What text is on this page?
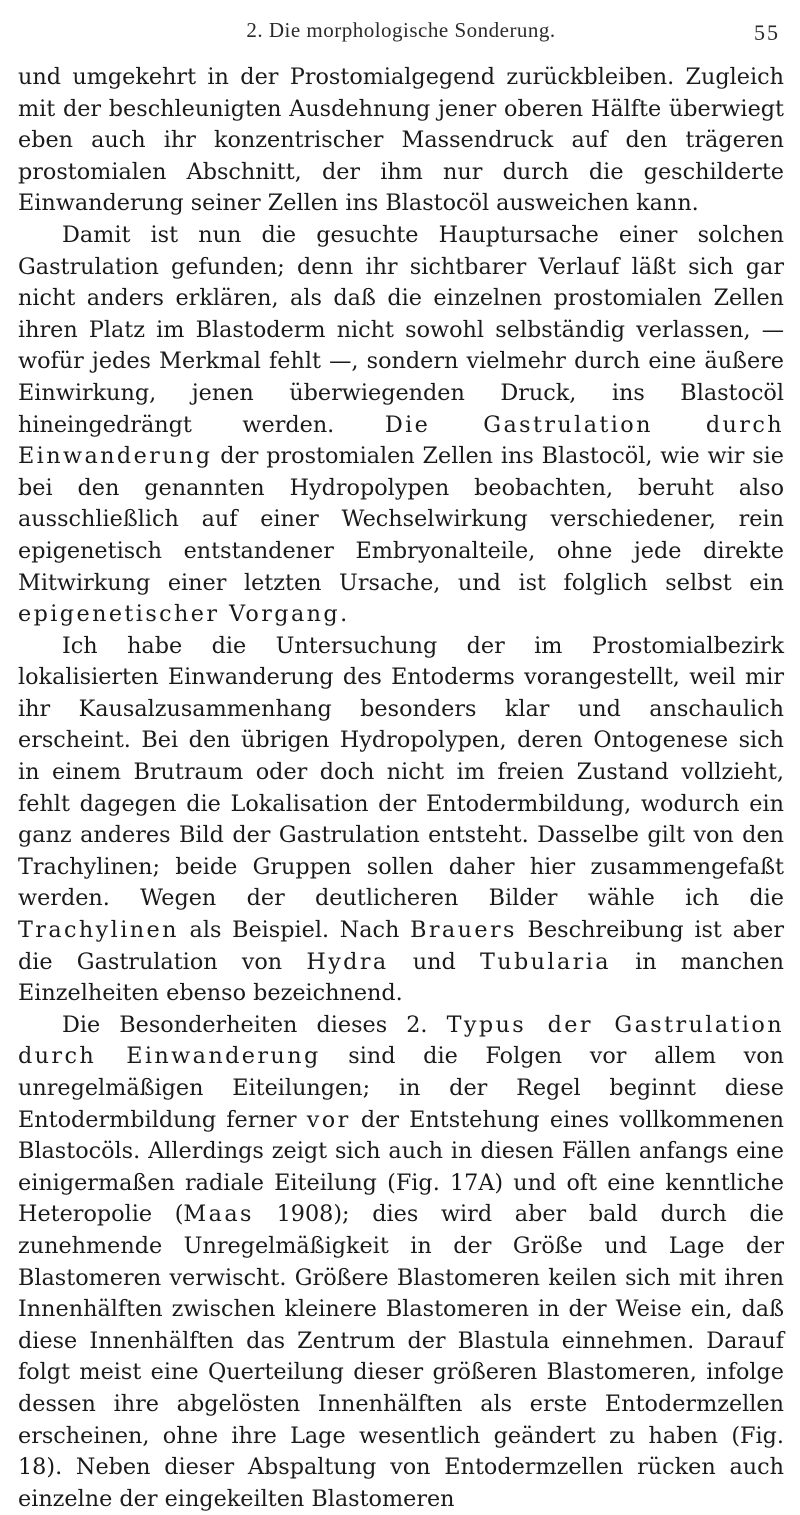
2. Die morphologische Sonderung.	55

und umgekehrt in der Prostomialgegend zurückbleiben. Zugleich mit der beschleunigten Ausdehnung jener oberen Hälfte überwiegt eben auch ihr konzentrischer Massendruck auf den trägeren prostomialen Abschnitt, der ihm nur durch die geschilderte Einwanderung seiner Zellen ins Blastocöl ausweichen kann.

Damit ist nun die gesuchte Hauptursache einer solchen Gastrulation gefunden; denn ihr sichtbarer Verlauf läßt sich gar nicht anders erklären, als daß die einzelnen prostomialen Zellen ihren Platz im Blastoderm nicht sowohl selbständig verlassen, — wofür jedes Merkmal fehlt —, sondern vielmehr durch eine äußere Einwirkung, jenen überwiegenden Druck, ins Blastocöl hineingedrängt werden. Die Gastrulation durch Einwanderung der prostomialen Zellen ins Blastocöl, wie wir sie bei den genannten Hydropolypen beobachten, beruht also ausschließlich auf einer Wechselwirkung verschiedener, rein epigenetisch entstandener Embryonalteile, ohne jede direkte Mitwirkung einer letzten Ursache, und ist folglich selbst ein epigenetischer Vorgang.

Ich habe die Untersuchung der im Prostomialbezirk lokalisierten Einwanderung des Entoderms vorangestellt, weil mir ihr Kausalzusammenhang besonders klar und anschaulich erscheint. Bei den übrigen Hydropolypen, deren Ontogenese sich in einem Brutraum oder doch nicht im freien Zustand vollzieht, fehlt dagegen die Lokalisation der Entodermbildung, wodurch ein ganz anderes Bild der Gastrulation entsteht. Dasselbe gilt von den Trachylinen; beide Gruppen sollen daher hier zusammengefaßt werden. Wegen der deutlicheren Bilder wähle ich die Trachylinen als Beispiel. Nach Brauers Beschreibung ist aber die Gastrulation von Hydra und Tubularia in manchen Einzelheiten ebenso bezeichnend.

Die Besonderheiten dieses 2. Typus der Gastrulation durch Einwanderung sind die Folgen vor allem von unregelmäßigen Eiteilungen; in der Regel beginnt diese Entodermbildung ferner vor der Entstehung eines vollkommenen Blastocöls. Allerdings zeigt sich auch in diesen Fällen anfangs eine einigermaßen radiale Eiteilung (Fig. 17A) und oft eine kenntliche Heteropolie (Maas 1908); dies wird aber bald durch die zunehmende Unregelmäßigkeit in der Größe und Lage der Blastomeren verwischt. Größere Blastomeren keilen sich mit ihren Innenhälften zwischen kleinere Blastomeren in der Weise ein, daß diese Innenhälften das Zentrum der Blastula einnehmen. Darauf folgt meist eine Querteilung dieser größeren Blastomeren, infolge dessen ihre abgelösten Innenhälften als erste Entodermzellen erscheinen, ohne ihre Lage wesentlich geändert zu haben (Fig. 18). Neben dieser Abspaltung von Entodermzellen rücken auch einzelne der eingekeilten Blastomeren
